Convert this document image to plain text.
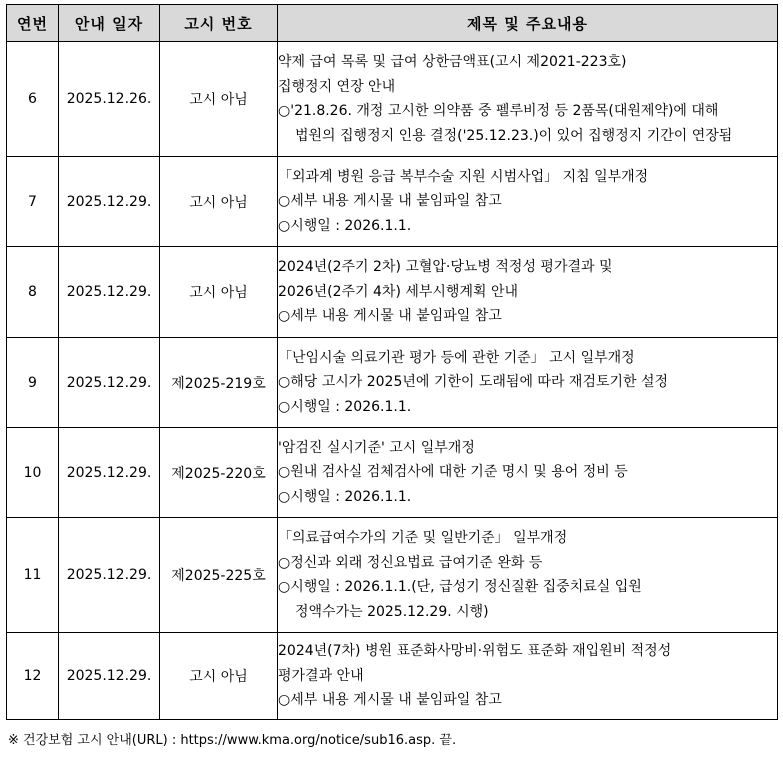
연번	안내 일자	고시 번호	제목 및 주요내용
6	2025.12.26.	고시 아님	약제 급여 목록 및 급여 상한금액표(고시 제2021-223호)
집행정지 연장 안내
○'21.8.26. 개정 고시한 의약품 중 펠루비정 등 2품목(대원제약)에 대해
법원의 집행정지 인용 결정('25.12.23.)이 있어 집행정지 기간이 연장됨

7	2025.12.29.	고시 아님	「외과계 병원 응급 복부수술 지원 시범사업」 지침 일부개정
○세부 내용 게시물 내 붙임파일 참고
○시행일 : 2026.1.1.

8	2025.12.29.	고시 아님	2024년(2주기 2차) 고혈압·당뇨병 적정성 평가결과 및
2026년(2주기 4차) 세부시행계획 안내
○세부 내용 게시물 내 붙임파일 참고

9	2025.12.29.	제2025-219호	「난임시술 의료기관 평가 등에 관한 기준」 고시 일부개정
○해당 고시가 2025년에 기한이 도래됨에 따라 재검토기한 설정
○시행일 : 2026.1.1.

10	2025.12.29.	제2025-220호	'암검진 실시기준' 고시 일부개정
○원내 검사실 검체검사에 대한 기준 명시 및 용어 정비 등
○시행일 : 2026.1.1.

11	2025.12.29.	제2025-225호	「의료급여수가의 기준 및 일반기준」 일부개정
○정신과 외래 정신요법료 급여기준 완화 등
○시행일 : 2026.1.1.(단, 급성기 정신질환 집중치료실 입원
정액수가는 2025.12.29. 시행)

12	2025.12.29.	고시 아님	2024년(7차) 병원 표준화사망비·위험도 표준화 재입원비 적정성
평가결과 안내
○세부 내용 게시물 내 붙임파일 참고
※ 건강보험 고시 안내(URL) : https://www.kma.org/notice/sub16.asp. 끝.
